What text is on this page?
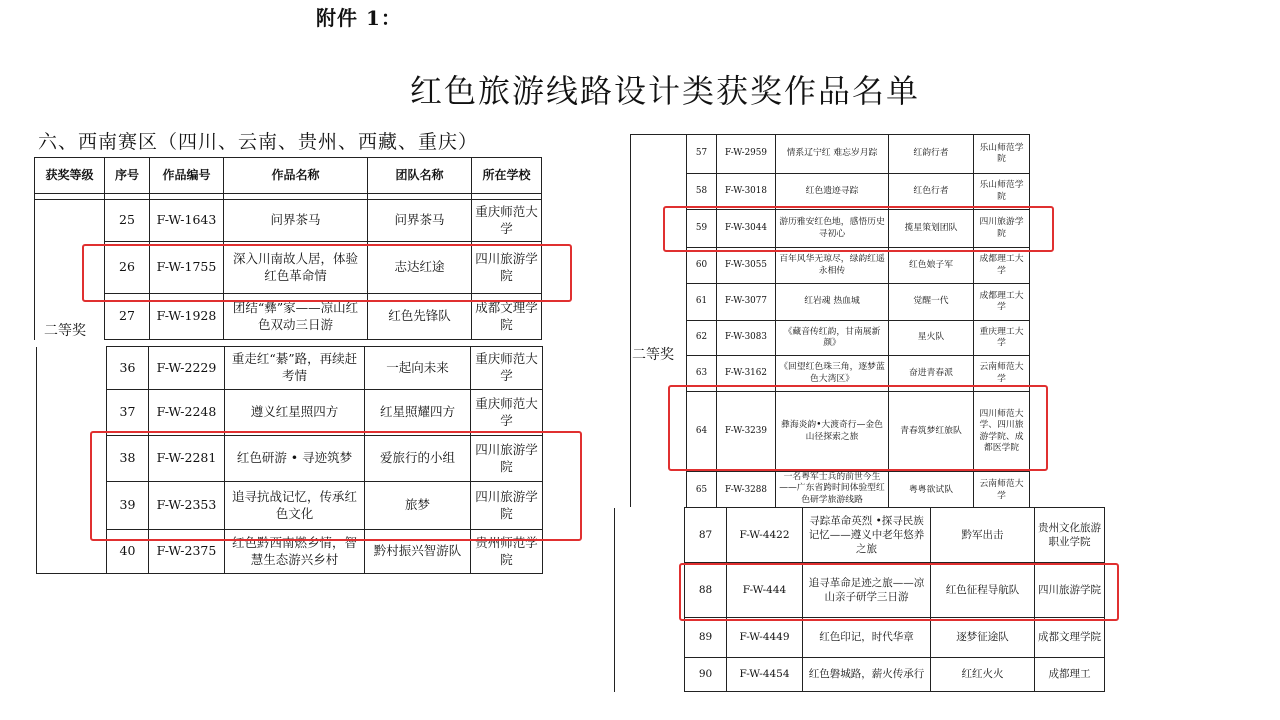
附件 1：
红色旅游线路设计类获奖作品名单
六、西南赛区（四川、云南、贵州、西藏、重庆）
获奖等级	序号	作品编号	作品名称	团队名称	所在学校

	25	F-W-1643	问界茶马	问界茶马	重庆师范大学
	26	F-W-1755	深入川南故人居，体验红色革命情	志达红途	四川旅游学院
	27	F-W-1928	团结“彝”家——凉山红色双动三日游	红色先锋队	成都文理学院
	36	F-W-2229	重走红“綦”路，再续赶考情	一起向未来	重庆师范大学
	37	F-W-2248	遵义红星照四方	红星照耀四方	重庆师范大学
	38	F-W-2281	红色研游 • 寻迹筑梦	爱旅行的小组	四川旅游学院
	39	F-W-2353	追寻抗战记忆，传承红色文化	旅梦	四川旅游学院
	40	F-W-2375	红色黔西南燃乡情，智慧生态游兴乡村	黔村振兴智游队	贵州师范学院
二等奖
	57	F-W-2959	情系辽宁红 难忘岁月踪	红韵行者	乐山师范学院
	58	F-W-3018	红色遗迹寻踪	红色行者	乐山师范学院
	59	F-W-3044	游历雅安红色地，感悟历史寻初心	揽星策划团队	四川旅游学院
	60	F-W-3055	百年风华无琼尽，绿韵红遥永相传	红色娘子军	成都理工大学
	61	F-W-3077	红岩魂 热血城	觉醒一代	成都理工大学
	62	F-W-3083	《藏音传红韵，甘南展新颜》	星火队	重庆理工大学
	63	F-W-3162	《回望红色珠三角，逐梦蓝色大湾区》	奋进青春派	云南师范大学
	64	F-W-3239	彝海炎韵•大渡奇行—金色山径探索之旅	青春筑梦红旅队	四川师范大学、四川旅游学院、成都医学院
	65	F-W-3288	一名粤军士兵的前世今生——广东省跨时间体验型红色研学旅游线路	粤粤欲试队	云南师范大学
二等奖
	87	F-W-4422	寻踪革命英烈 •探寻民族记忆——遵义中老年悠养之旅	黔军出击	贵州文化旅游职业学院
	88	F-W-444	追寻革命足迹之旅——凉山亲子研学三日游	红色征程导航队	四川旅游学院
	89	F-W-4449	红色印记，时代华章	逐梦征途队	成都文理学院
	90	F-W-4454	红色磐城路，薪火传承行	红红火火	成都理工
